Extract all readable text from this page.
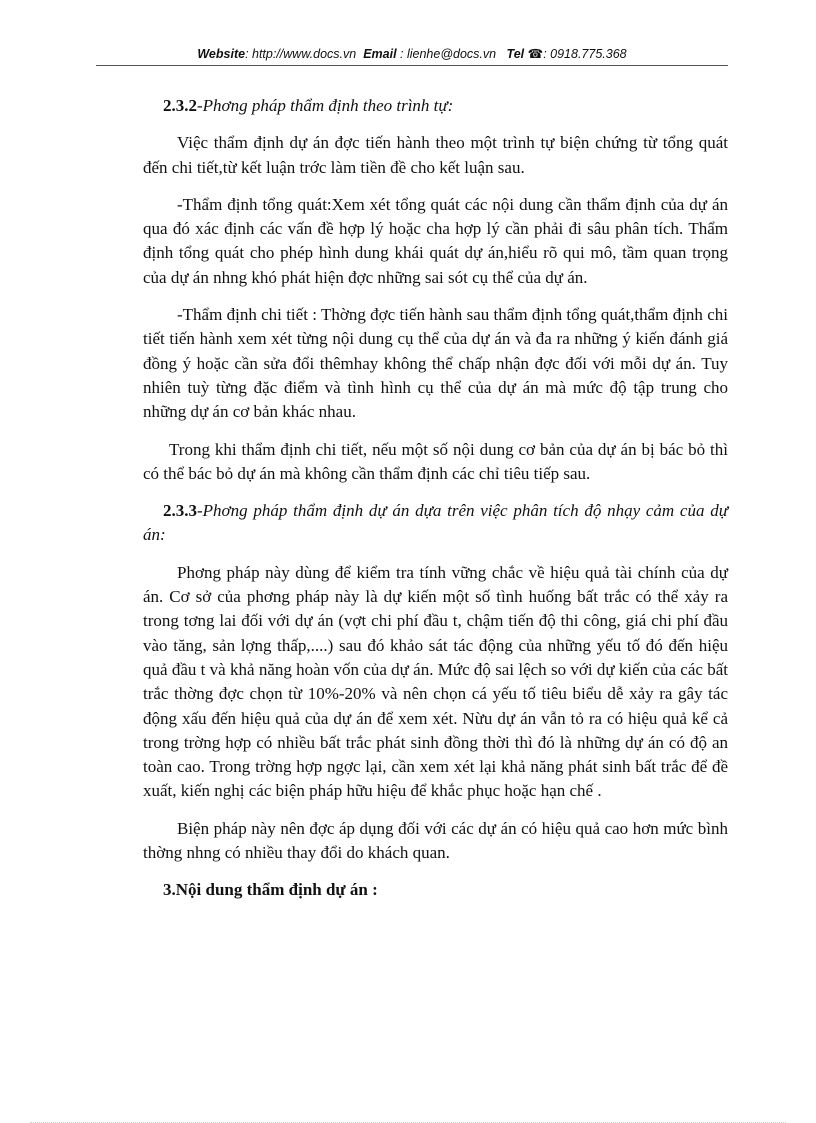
Website: http://www.docs.vn Email : lienhe@docs.vn Tel ☎: 0918.775.368

2.3.2-Phơng pháp thẩm định theo trình tự:

Việc thẩm định dự án đợc tiến hành theo một trình tự biện chứng từ tổng quát đến chi tiết,từ kết luận trớc làm tiền đề cho kết luận sau.

-Thẩm định tổng quát:Xem xét tổng quát các nội dung cần thẩm định của dự án qua đó xác định các vấn đề hợp lý hoặc cha hợp lý cần phải đi sâu phân tích. Thẩm định tổng quát cho phép hình dung khái quát dự án,hiểu rõ qui mô, tầm quan trọng của dự án nhng khó phát hiện đợc những sai sót cụ thể của dự án.

-Thẩm định chi tiết : Thờng đợc tiến hành sau thẩm định tổng quát,thẩm định chi tiết tiến hành xem xét từng nội dung cụ thể của dự án và đa ra những ý kiến đánh giá đồng ý hoặc cần sửa đổi thêmhay không thể chấp nhận đợc đối với mỗi dự án. Tuy nhiên tuỳ từng đặc điểm và tình hình cụ thể của dự án mà mức độ tập trung cho những dự án cơ bản khác nhau.

Trong khi thẩm định chi tiết, nếu một số nội dung cơ bản của dự án bị bác bỏ thì có thể bác bỏ dự án mà không cần thẩm định các chỉ tiêu tiếp sau.

2.3.3-Phơng pháp thẩm định dự án dựa trên việc phân tích độ nhạy cảm của dự án:

Phơng pháp này dùng để kiểm tra tính vững chắc về hiệu quả tài chính của dự án. Cơ sở của phơng pháp này là dự kiến một số tình huống bất trắc có thể xảy ra trong tơng lai đối với dự án (vợt chi phí đầu t, chậm tiến độ thi công, giá chi phí đầu vào tăng, sản lợng thấp,....) sau đó khảo sát tác động của những yếu tố đó đến hiệu quả đầu t và khả năng hoàn vốn của dự án. Mức độ sai lệch so với dự kiến của các bất trắc thờng đợc chọn từ 10%-20% và nên chọn cá yếu tố tiêu biểu dễ xảy ra gây tác động xấu đến hiệu quả của dự án để xem xét. Nừu dự án vẫn tỏ ra có hiệu quả kể cả trong trờng hợp có nhiều bất trắc phát sinh đồng thời thì đó là những dự án có độ an toàn cao. Trong trờng hợp ngợc lại, cần xem xét lại khả năng phát sinh bất trắc để đề xuất, kiến nghị các biện pháp hữu hiệu để khắc phục hoặc hạn chế .

Biện pháp này nên đợc áp dụng đối với các dự án có hiệu quả cao hơn mức bình thờng nhng có nhiều thay đổi do khách quan.

3.Nội dung thẩm định dự án :
